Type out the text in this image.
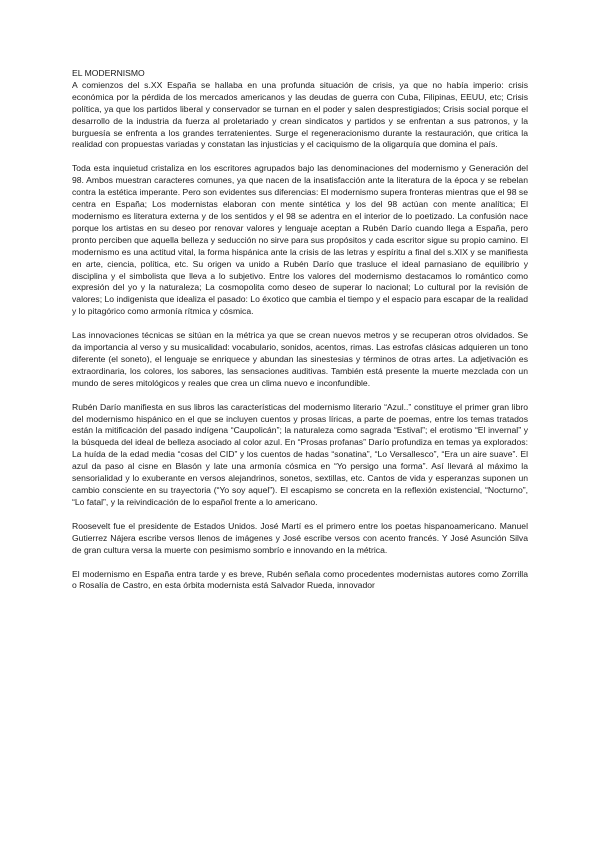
EL MODERNISMO

A comienzos del s.XX España se hallaba en una profunda situación de crisis, ya que no había imperio: crisis económica por la pérdida de los mercados americanos y las deudas de guerra con Cuba, Filipinas, EEUU, etc; Crisis política, ya que los partidos liberal y conservador se turnan en el poder y salen desprestigiados; Crisis social porque el desarrollo de la industria da fuerza al proletariado y crean sindicatos y partidos y se enfrentan a sus patronos, y la burguesía se enfrenta a los grandes terratenientes. Surge el regeneracionismo durante la restauración, que critica la realidad con propuestas variadas y constatan las injusticias y el caciquismo de la oligarquía que domina el país.

Toda esta inquietud cristaliza en los escritores agrupados bajo las denominaciones del modernismo y Generación del 98. Ambos muestran caracteres comunes, ya que nacen de la insatisfacción ante la literatura de la época y se rebelan contra la estética imperante. Pero son evidentes sus diferencias: El modernismo supera fronteras mientras que el 98 se centra en España; Los modernistas elaboran con mente sintética y los del 98 actúan con mente analítica; El modernismo es literatura externa y de los sentidos y el 98 se adentra en el interior de lo poetizado. La confusión nace porque los artistas en su deseo por renovar valores y lenguaje aceptan a Rubén Darío cuando llega a España, pero pronto perciben que aquella belleza y seducción no sirve para sus propósitos y cada escritor sigue su propio camino. El modernismo es una actitud vital, la forma hispánica ante la crisis de las letras y espíritu a final del s.XIX y se manifiesta en arte, ciencia, política, etc. Su origen va unido a Rubén Darío que trasluce el ideal parnasiano de equilibrio y disciplina y el simbolista que lleva a lo subjetivo. Entre los valores del modernismo destacamos lo romántico como expresión del yo y la naturaleza; La cosmopolita como deseo de superar lo nacional; Lo cultural por la revisión de valores; Lo indigenista que idealiza el pasado: Lo éxotico que cambia el tiempo y el espacio para escapar de la realidad y lo pitagórico como armonía rítmica y cósmica.

Las innovaciones técnicas se sitúan en la métrica ya que se crean nuevos metros y se recuperan otros olvidados. Se da importancia al verso y su musicalidad: vocabulario, sonidos, acentos, rimas. Las estrofas clásicas adquieren un tono diferente (el soneto), el lenguaje se enriquece y abundan las sinestesias y términos de otras artes. La adjetivación es extraordinaria, los colores, los sabores, las sensaciones auditivas. También está presente la muerte mezclada con un mundo de seres mitológicos y reales que crea un clima nuevo e inconfundible.

Rubén Darío manifiesta en sus libros las características del modernismo literario “Azul..” constituye el primer gran libro del modernismo hispánico en el que se incluyen cuentos y prosas líricas, a parte de poemas, entre los temas tratados están la mitificación del pasado indígena “Caupolicán”; la naturaleza como sagrada “Estival”; el erotismo “El invernal” y la búsqueda del ideal de belleza asociado al color azul. En “Prosas profanas” Darío profundiza en temas ya explorados: La huída de la edad media “cosas del CID” y los cuentos de hadas “sonatina”, “Lo Versallesco”, “Era un aire suave”. El azul da paso al cisne en Blasón y late una armonía cósmica en “Yo persigo una forma”. Así llevará al máximo la sensorialidad y lo exuberante en versos alejandrinos, sonetos, sextillas, etc. Cantos de vida y esperanzas suponen un cambio consciente en su trayectoria (“Yo soy aquel”). El escapismo se concreta en la reflexión existencial, “Nocturno”, “Lo fatal”, y la reivindicación de lo español frente a lo americano.

Roosevelt fue el presidente de Estados Unidos. José Martí es el primero entre los poetas hispanoamericano. Manuel Gutierrez Nájera escribe versos llenos de imágenes y José escribe versos con acento francés. Y José Asunción Silva de gran cultura versa la muerte con pesimismo sombrío e innovando en la métrica.

El modernismo en España entra tarde y es breve, Rubén señala como procedentes modernistas autores como Zorrilla o Rosalía de Castro, en esta órbita modernista está Salvador Rueda, innovador
